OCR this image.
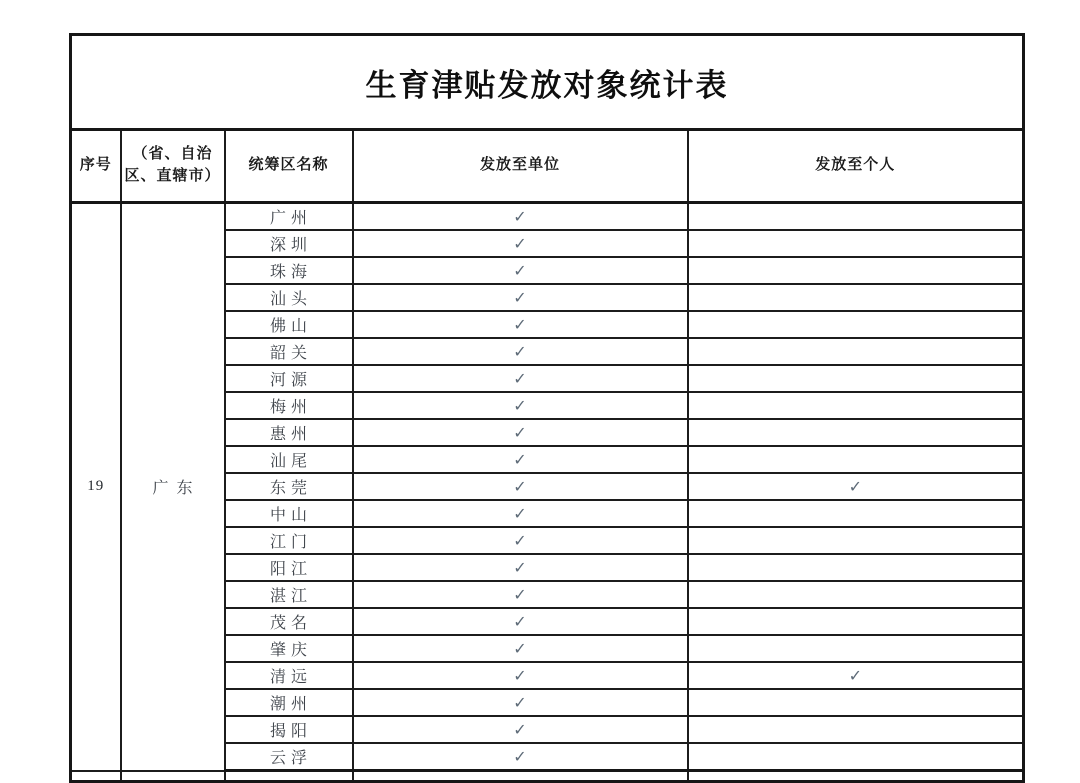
生育津贴发放对象统计表				
序号	（省、自治区、直辖市）	统筹区名称	发放至单位	发放至个人
19	广东	广州	✓	
		深圳	✓	
		珠海	✓	
		汕头	✓	
		佛山	✓	
		韶关	✓	
		河源	✓	
		梅州	✓	
		惠州	✓	
		汕尾	✓	
		东莞	✓	✓
		中山	✓	
		江门	✓	
		阳江	✓	
		湛江	✓	
		茂名	✓	
		肇庆	✓	
		清远	✓	✓
		潮州	✓	
		揭阳	✓	
		云浮	✓	
